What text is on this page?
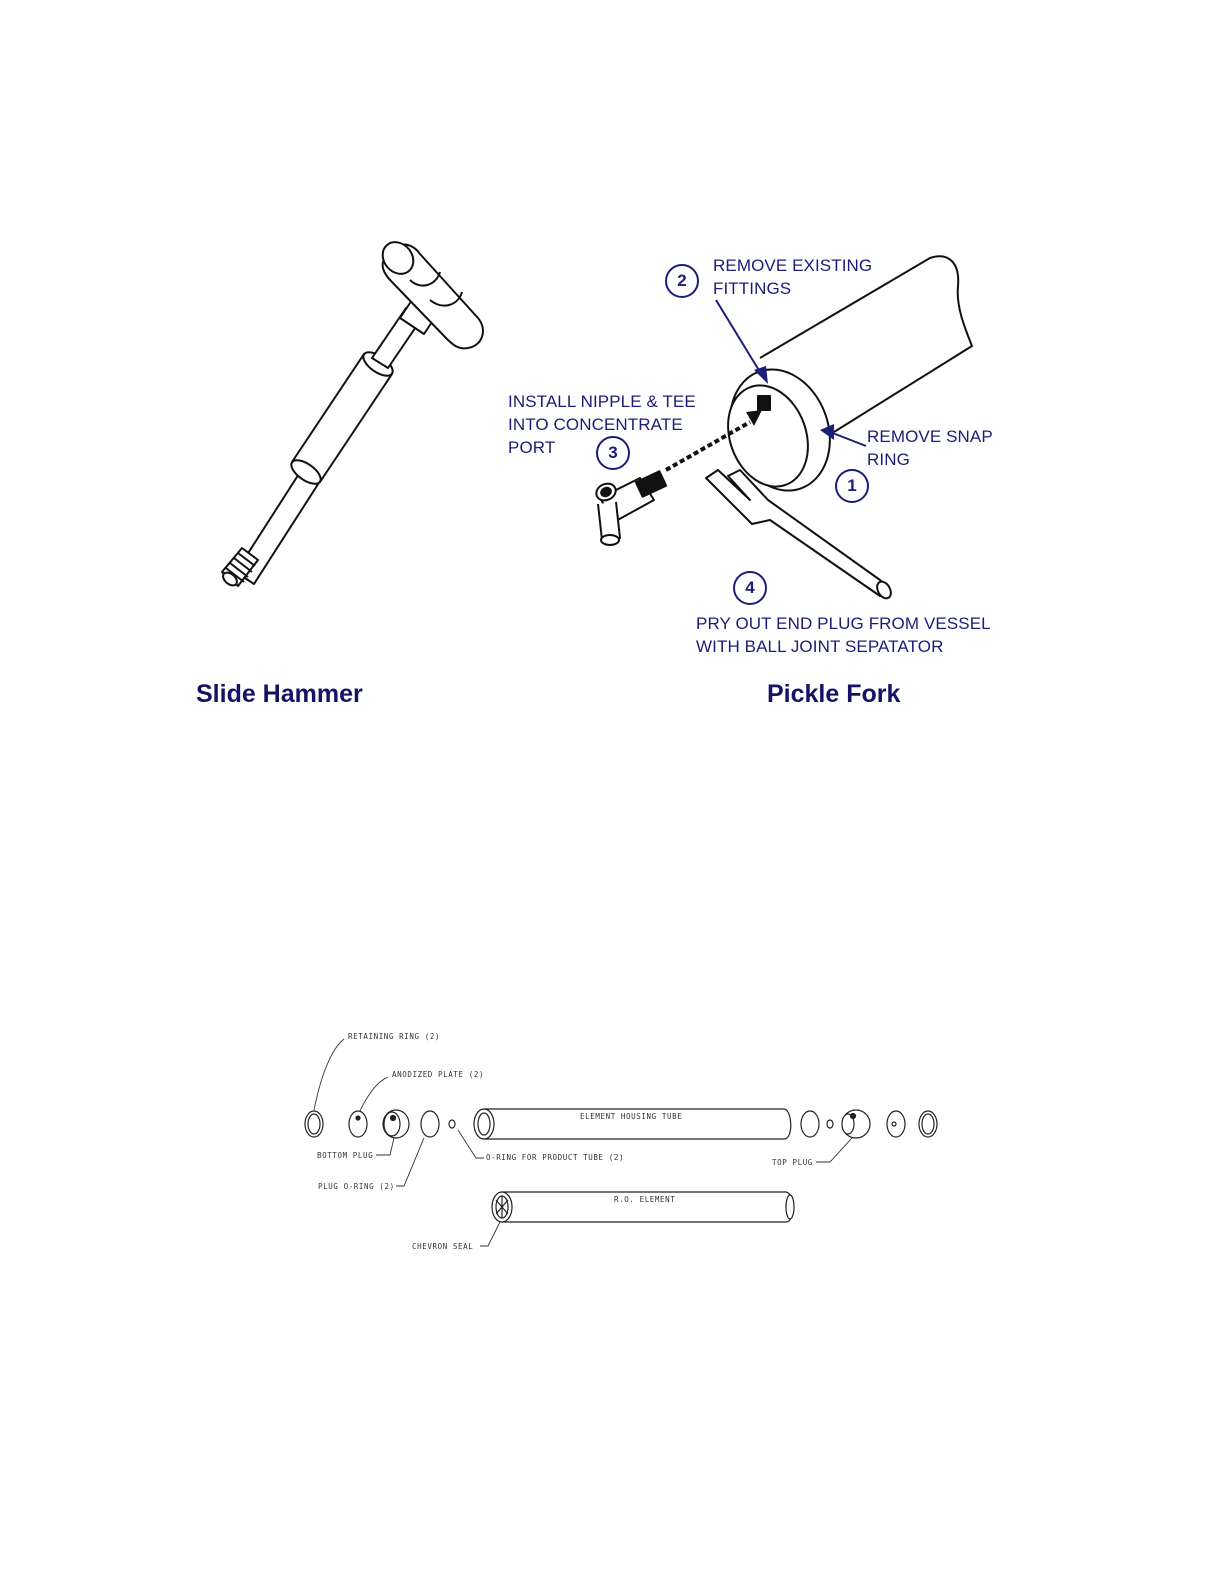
2
3
1
4
REMOVE EXISTING
FITTINGS
INSTALL NIPPLE & TEE
INTO CONCENTRATE
PORT
REMOVE SNAP
RING
PRY OUT END PLUG FROM VESSEL
WITH BALL JOINT SEPATATOR
Slide Hammer	Pickle Fork
RETAINING RING (2)
ANODIZED PLATE (2)
ELEMENT HOUSING TUBE
BOTTOM PLUG	O-RING FOR PRODUCT TUBE (2)
TOP PLUG
PLUG O-RING (2)
R.O. ELEMENT
CHEVRON SEAL
